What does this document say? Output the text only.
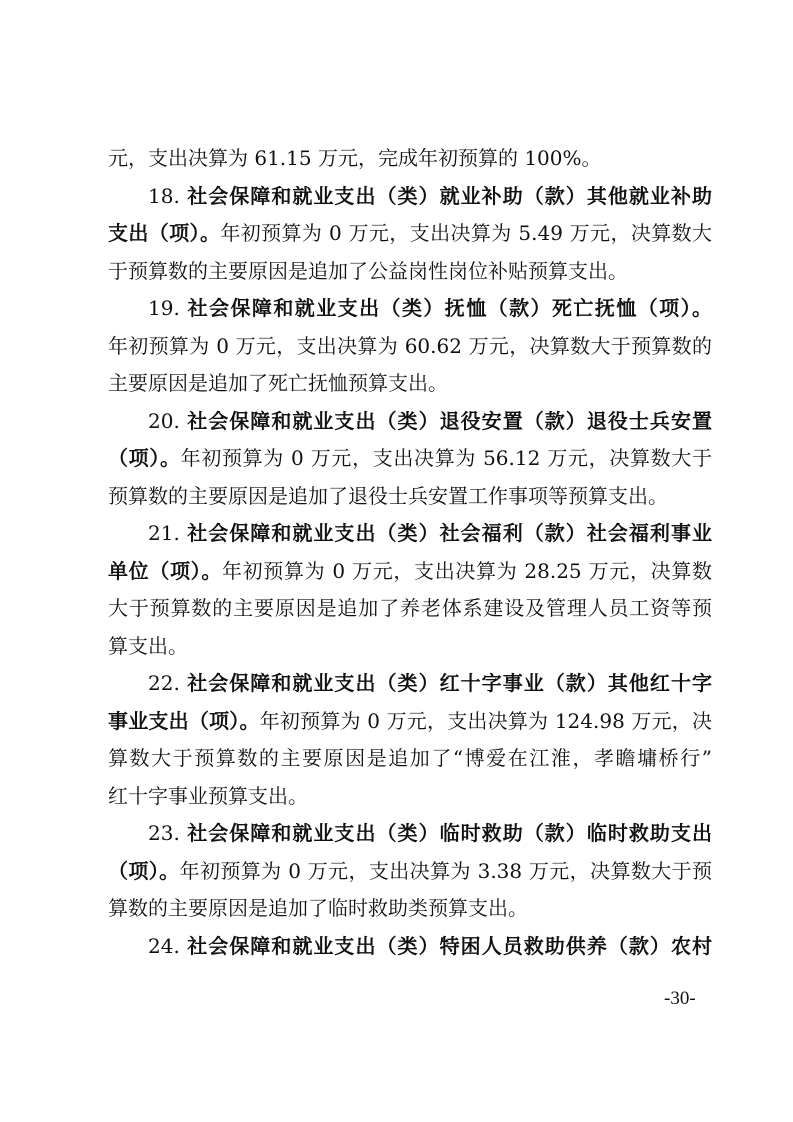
元，支出决算为 61.15 万元，完成年初预算的 100%。
18. 社会保障和就业支出（类）就业补助（款）其他就业补助
支出（项）。年初预算为 0 万元，支出决算为 5.49 万元，决算数大
于预算数的主要原因是追加了公益岗性岗位补贴预算支出。
19. 社会保障和就业支出（类）抚恤（款）死亡抚恤（项）。
年初预算为 0 万元，支出决算为 60.62 万元，决算数大于预算数的
主要原因是追加了死亡抚恤预算支出。
20. 社会保障和就业支出（类）退役安置（款）退役士兵安置
（项）。年初预算为 0 万元，支出决算为 56.12 万元，决算数大于
预算数的主要原因是追加了退役士兵安置工作事项等预算支出。
21. 社会保障和就业支出（类）社会福利（款）社会福利事业
单位（项）。年初预算为 0 万元，支出决算为 28.25 万元，决算数
大于预算数的主要原因是追加了养老体系建设及管理人员工资等预
算支出。
22. 社会保障和就业支出（类）红十字事业（款）其他红十字
事业支出（项）。年初预算为 0 万元，支出决算为 124.98 万元，决
算数大于预算数的主要原因是追加了“博爱在江淮，孝瞻墉桥行”
红十字事业预算支出。
23. 社会保障和就业支出（类）临时救助（款）临时救助支出
（项）。年初预算为 0 万元，支出决算为 3.38 万元，决算数大于预
算数的主要原因是追加了临时救助类预算支出。
24. 社会保障和就业支出（类）特困人员救助供养（款）农村
-30-
